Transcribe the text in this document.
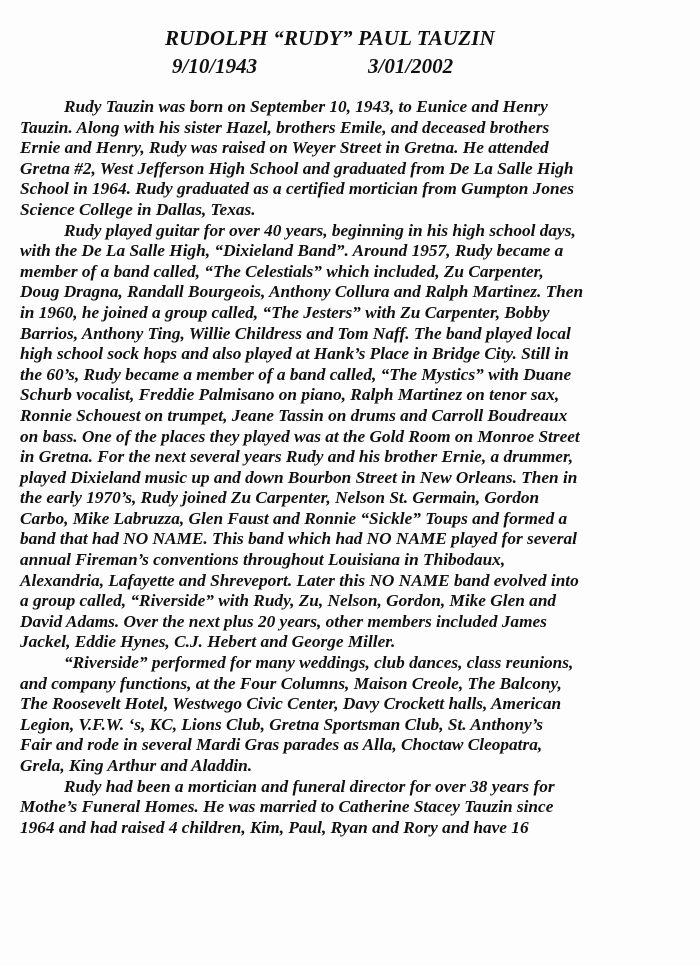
RUDOLPH “RUDY” PAUL TAUZIN
9/10/1943	3/01/2002
Rudy Tauzin was born on September 10, 1943, to Eunice and Henry
Tauzin. Along with his sister Hazel, brothers Emile, and deceased brothers
Ernie and Henry, Rudy was raised on Weyer Street in Gretna. He attended
Gretna #2, West Jefferson High School and graduated from De La Salle High
School in 1964. Rudy graduated as a certified mortician from Gumpton Jones
Science College in Dallas, Texas.
Rudy played guitar for over 40 years, beginning in his high school days,
with the De La Salle High, “Dixieland Band”. Around 1957, Rudy became a
member of a band called, “The Celestials” which included, Zu Carpenter,
Doug Dragna, Randall Bourgeois, Anthony Collura and Ralph Martinez. Then
in 1960, he joined a group called, “The Jesters” with Zu Carpenter, Bobby
Barrios, Anthony Ting, Willie Childress and Tom Naff. The band played local
high school sock hops and also played at Hank’s Place in Bridge City. Still in
the 60’s, Rudy became a member of a band called, “The Mystics” with Duane
Schurb vocalist, Freddie Palmisano on piano, Ralph Martinez on tenor sax,
Ronnie Schouest on trumpet, Jeane Tassin on drums and Carroll Boudreaux
on bass. One of the places they played was at the Gold Room on Monroe Street
in Gretna. For the next several years Rudy and his brother Ernie, a drummer,
played Dixieland music up and down Bourbon Street in New Orleans. Then in
the early 1970’s, Rudy joined Zu Carpenter, Nelson St. Germain, Gordon
Carbo, Mike Labruzza, Glen Faust and Ronnie “Sickle” Toups and formed a
band that had NO NAME. This band which had NO NAME played for several
annual Fireman’s conventions throughout Louisiana in Thibodaux,
Alexandria, Lafayette and Shreveport. Later this NO NAME band evolved into
a group called, “Riverside” with Rudy, Zu, Nelson, Gordon, Mike Glen and
David Adams. Over the next plus 20 years, other members included James
Jackel, Eddie Hynes, C.J. Hebert and George Miller.
“Riverside” performed for many weddings, club dances, class reunions,
and company functions, at the Four Columns, Maison Creole, The Balcony,
The Roosevelt Hotel, Westwego Civic Center, Davy Crockett halls, American
Legion, V.F.W. ‘s, KC, Lions Club, Gretna Sportsman Club, St. Anthony’s
Fair and rode in several Mardi Gras parades as Alla, Choctaw Cleopatra,
Grela, King Arthur and Aladdin.
Rudy had been a mortician and funeral director for over 38 years for
Mothe’s Funeral Homes. He was married to Catherine Stacey Tauzin since
1964 and had raised 4 children, Kim, Paul, Ryan and Rory and have 16
